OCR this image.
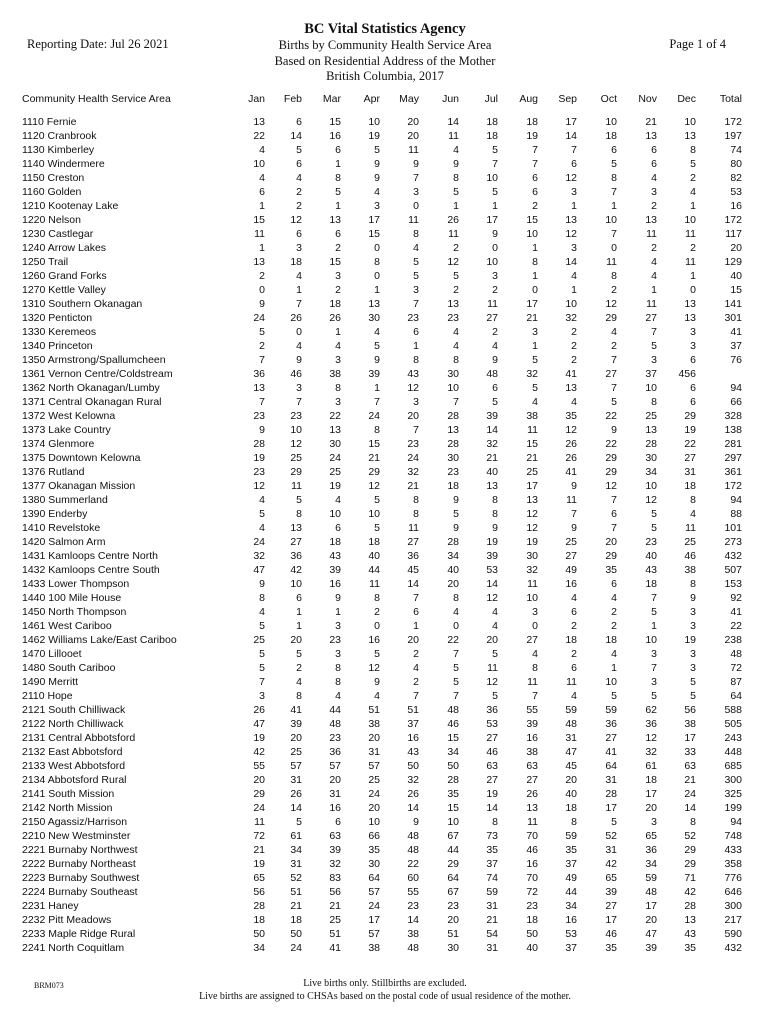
Reporting Date: Jul 26 2021	Page 1 of 4
BC Vital Statistics Agency
Births by Community Health Service Area
Based on Residential Address of the Mother
British Columbia, 2017
Community Health Service Area	Jan	Feb	Mar	Apr	May	Jun	Jul	Aug	Sep	Oct	Nov	Dec	Total
1110 Fernie	13	6	15	10	20	14	18	18	17	10	21	10	172
1120 Cranbrook	22	14	16	19	20	11	18	19	14	18	13	13	197
1130 Kimberley	4	5	6	5	11	4	5	7	7	6	6	8	74
1140 Windermere	10	6	1	9	9	9	7	7	6	5	6	5	80
1150 Creston	4	4	8	9	7	8	10	6	12	8	4	2	82
1160 Golden	6	2	5	4	3	5	5	6	3	7	3	4	53
1210 Kootenay Lake	1	2	1	3	0	1	1	2	1	1	2	1	16
1220 Nelson	15	12	13	17	11	26	17	15	13	10	13	10	172
1230 Castlegar	11	6	6	15	8	11	9	10	12	7	11	11	117
1240 Arrow Lakes	1	3	2	0	4	2	0	1	3	0	2	2	20
1250 Trail	13	18	15	8	5	12	10	8	14	11	4	11	129
1260 Grand Forks	2	4	3	0	5	5	3	1	4	8	4	1	40
1270 Kettle Valley	0	1	2	1	3	2	2	0	1	2	1	0	15
1310 Southern Okanagan	9	7	18	13	7	13	11	17	10	12	11	13	141
1320 Penticton	24	26	26	30	23	23	27	21	32	29	27	13	301
1330 Keremeos	5	0	1	4	6	4	2	3	2	4	7	3	41
1340 Princeton	2	4	4	5	1	4	4	1	2	2	5	3	37
1350 Armstrong/Spallumcheen	7	9	3	9	8	8	9	5	2	7	3	6	76
1361 Vernon Centre/Coldstream	36	46	38	39	43	30	48	32	41	27	37	456	
1362 North Okanagan/Lumby	13	3	8	1	12	10	6	5	13	7	10	6	94
1371 Central Okanagan Rural	7	7	3	7	3	7	5	4	4	5	8	6	66
1372 West Kelowna	23	23	22	24	20	28	39	38	35	22	25	29	328
1373 Lake Country	9	10	13	8	7	13	14	11	12	9	13	19	138
1374 Glenmore	28	12	30	15	23	28	32	15	26	22	28	22	281
1375 Downtown Kelowna	19	25	24	21	24	30	21	21	26	29	30	27	297
1376 Rutland	23	29	25	29	32	23	40	25	41	29	34	31	361
1377 Okanagan Mission	12	11	19	12	21	18	13	17	9	12	10	18	172
1380 Summerland	4	5	4	5	8	9	8	13	11	7	12	8	94
1390 Enderby	5	8	10	10	8	5	8	12	7	6	5	4	88
1410 Revelstoke	4	13	6	5	11	9	9	12	9	7	5	11	101
1420 Salmon Arm	24	27	18	18	27	28	19	19	25	20	23	25	273
1431 Kamloops Centre North	32	36	43	40	36	34	39	30	27	29	40	46	432
1432 Kamloops Centre South	47	42	39	44	45	40	53	32	49	35	43	38	507
1433 Lower Thompson	9	10	16	11	14	20	14	11	16	6	18	8	153
1440 100 Mile House	8	6	9	8	7	8	12	10	4	4	7	9	92
1450 North Thompson	4	1	1	2	6	4	4	3	6	2	5	3	41
1461 West Cariboo	5	1	3	0	1	0	4	0	2	2	1	3	22
1462 Williams Lake/East Cariboo	25	20	23	16	20	22	20	27	18	18	10	19	238
1470 Lillooet	5	5	3	5	2	7	5	4	2	4	3	3	48
1480 South Cariboo	5	2	8	12	4	5	11	8	6	1	7	3	72
1490 Merritt	7	4	8	9	2	5	12	11	11	10	3	5	87
2110 Hope	3	8	4	4	7	7	5	7	4	5	5	5	64
2121 South Chilliwack	26	41	44	51	51	48	36	55	59	59	62	56	588
2122 North Chilliwack	47	39	48	38	37	46	53	39	48	36	36	38	505
2131 Central Abbotsford	19	20	23	20	16	15	27	16	31	27	12	17	243
2132 East Abbotsford	42	25	36	31	43	34	46	38	47	41	32	33	448
2133 West Abbotsford	55	57	57	57	50	50	63	63	45	64	61	63	685
2134 Abbotsford Rural	20	31	20	25	32	28	27	27	20	31	18	21	300
2141 South Mission	29	26	31	24	26	35	19	26	40	28	17	24	325
2142 North Mission	24	14	16	20	14	15	14	13	18	17	20	14	199
2150 Agassiz/Harrison	11	5	6	10	9	10	8	11	8	5	3	8	94
2210 New Westminster	72	61	63	66	48	67	73	70	59	52	65	52	748
2221 Burnaby Northwest	21	34	39	35	48	44	35	46	35	31	36	29	433
2222 Burnaby Northeast	19	31	32	30	22	29	37	16	37	42	34	29	358
2223 Burnaby Southwest	65	52	83	64	60	64	74	70	49	65	59	71	776
2224 Burnaby Southeast	56	51	56	57	55	67	59	72	44	39	48	42	646
2231 Haney	28	21	21	24	23	23	31	23	34	27	17	28	300
2232 Pitt Meadows	18	18	25	17	14	20	21	18	16	17	20	13	217
2233 Maple Ridge Rural	50	50	51	57	38	51	54	50	53	46	47	43	590
2241 North Coquitlam	34	24	41	38	48	30	31	40	37	35	39	35	432
BRM073	Live births only. Stillbirths are excluded.
Live births are assigned to CHSAs based on the postal code of usual residence of the mother.
